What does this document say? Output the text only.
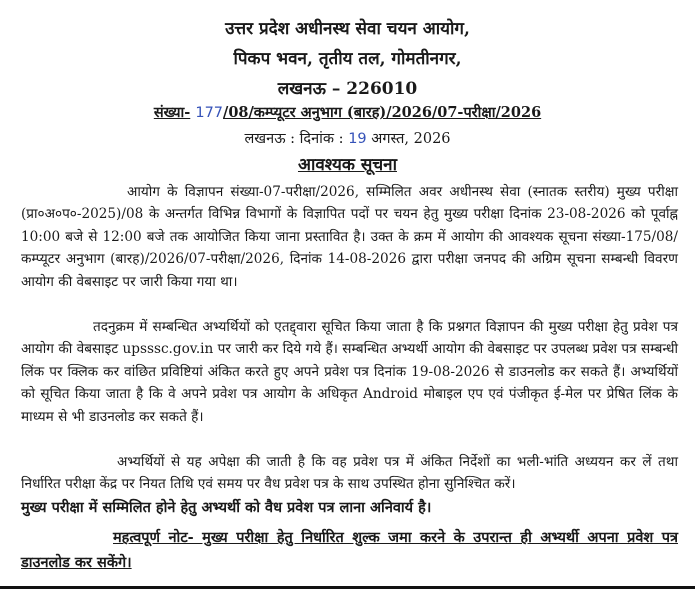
उत्तर प्रदेश अधीनस्थ सेवा चयन आयोग,
पिकप भवन, तृतीय तल, गोमतीनगर,
लखनऊ – 226010
संख्या- 177/08/कम्प्यूटर अनुभाग (बारह)/2026/07-परीक्षा/2026
लखनऊ : दिनांक : 19 अगस्त, 2026
आवश्यक सूचना
आयोग के विज्ञापन संख्या-07-परीक्षा/2026, सम्मिलित अवर अधीनस्थ सेवा (स्नातक स्तरीय) मुख्य परीक्षा (प्रा०अ०प०-2025)/08 के अन्तर्गत विभिन्न विभागों के विज्ञापित पदों पर चयन हेतु मुख्य परीक्षा दिनांक 23-08-2026 को पूर्वाह्न 10:00 बजे से 12:00 बजे तक आयोजित किया जाना प्रस्तावित है। उक्त के क्रम में आयोग की आवश्यक सूचना संख्या-175/08/कम्प्यूटर अनुभाग (बारह)/2026/07-परीक्षा/2026, दिनांक 14-08-2026 द्वारा परीक्षा जनपद की अग्रिम सूचना सम्बन्धी विवरण आयोग की वेबसाइट पर जारी किया गया था।
तदनुक्रम में सम्बन्धित अभ्यर्थियों को एतद्द्वारा सूचित किया जाता है कि प्रश्नगत विज्ञापन की मुख्य परीक्षा हेतु प्रवेश पत्र आयोग की वेबसाइट upsssc.gov.in पर जारी कर दिये गये हैं। सम्बन्धित अभ्यर्थी आयोग की वेबसाइट पर उपलब्ध प्रवेश पत्र सम्बन्धी लिंक पर क्लिक कर वांछित प्रविष्टियां अंकित करते हुए अपने प्रवेश पत्र दिनांक 19-08-2026 से डाउनलोड कर सकते हैं। अभ्यर्थियों को सूचित किया जाता है कि वे अपने प्रवेश पत्र आयोग के अधिकृत Android मोबाइल एप एवं पंजीकृत ई-मेल पर प्रेषित लिंक के माध्यम से भी डाउनलोड कर सकते हैं।
अभ्यर्थियों से यह अपेक्षा की जाती है कि वह प्रवेश पत्र में अंकित निर्देशों का भली-भांति अध्ययन कर लें तथा निर्धारित परीक्षा केंद्र पर नियत तिथि एवं समय पर वैध प्रवेश पत्र के साथ उपस्थित होना सुनिश्चित करें।
मुख्य परीक्षा में सम्मिलित होने हेतु अभ्यर्थी को वैध प्रवेश पत्र लाना अनिवार्य है।
महत्वपूर्ण नोट- मुख्य परीक्षा हेतु निर्धारित शुल्क जमा करने के उपरान्त ही अभ्यर्थी अपना प्रवेश पत्र डाउनलोड कर सकेंगे।
